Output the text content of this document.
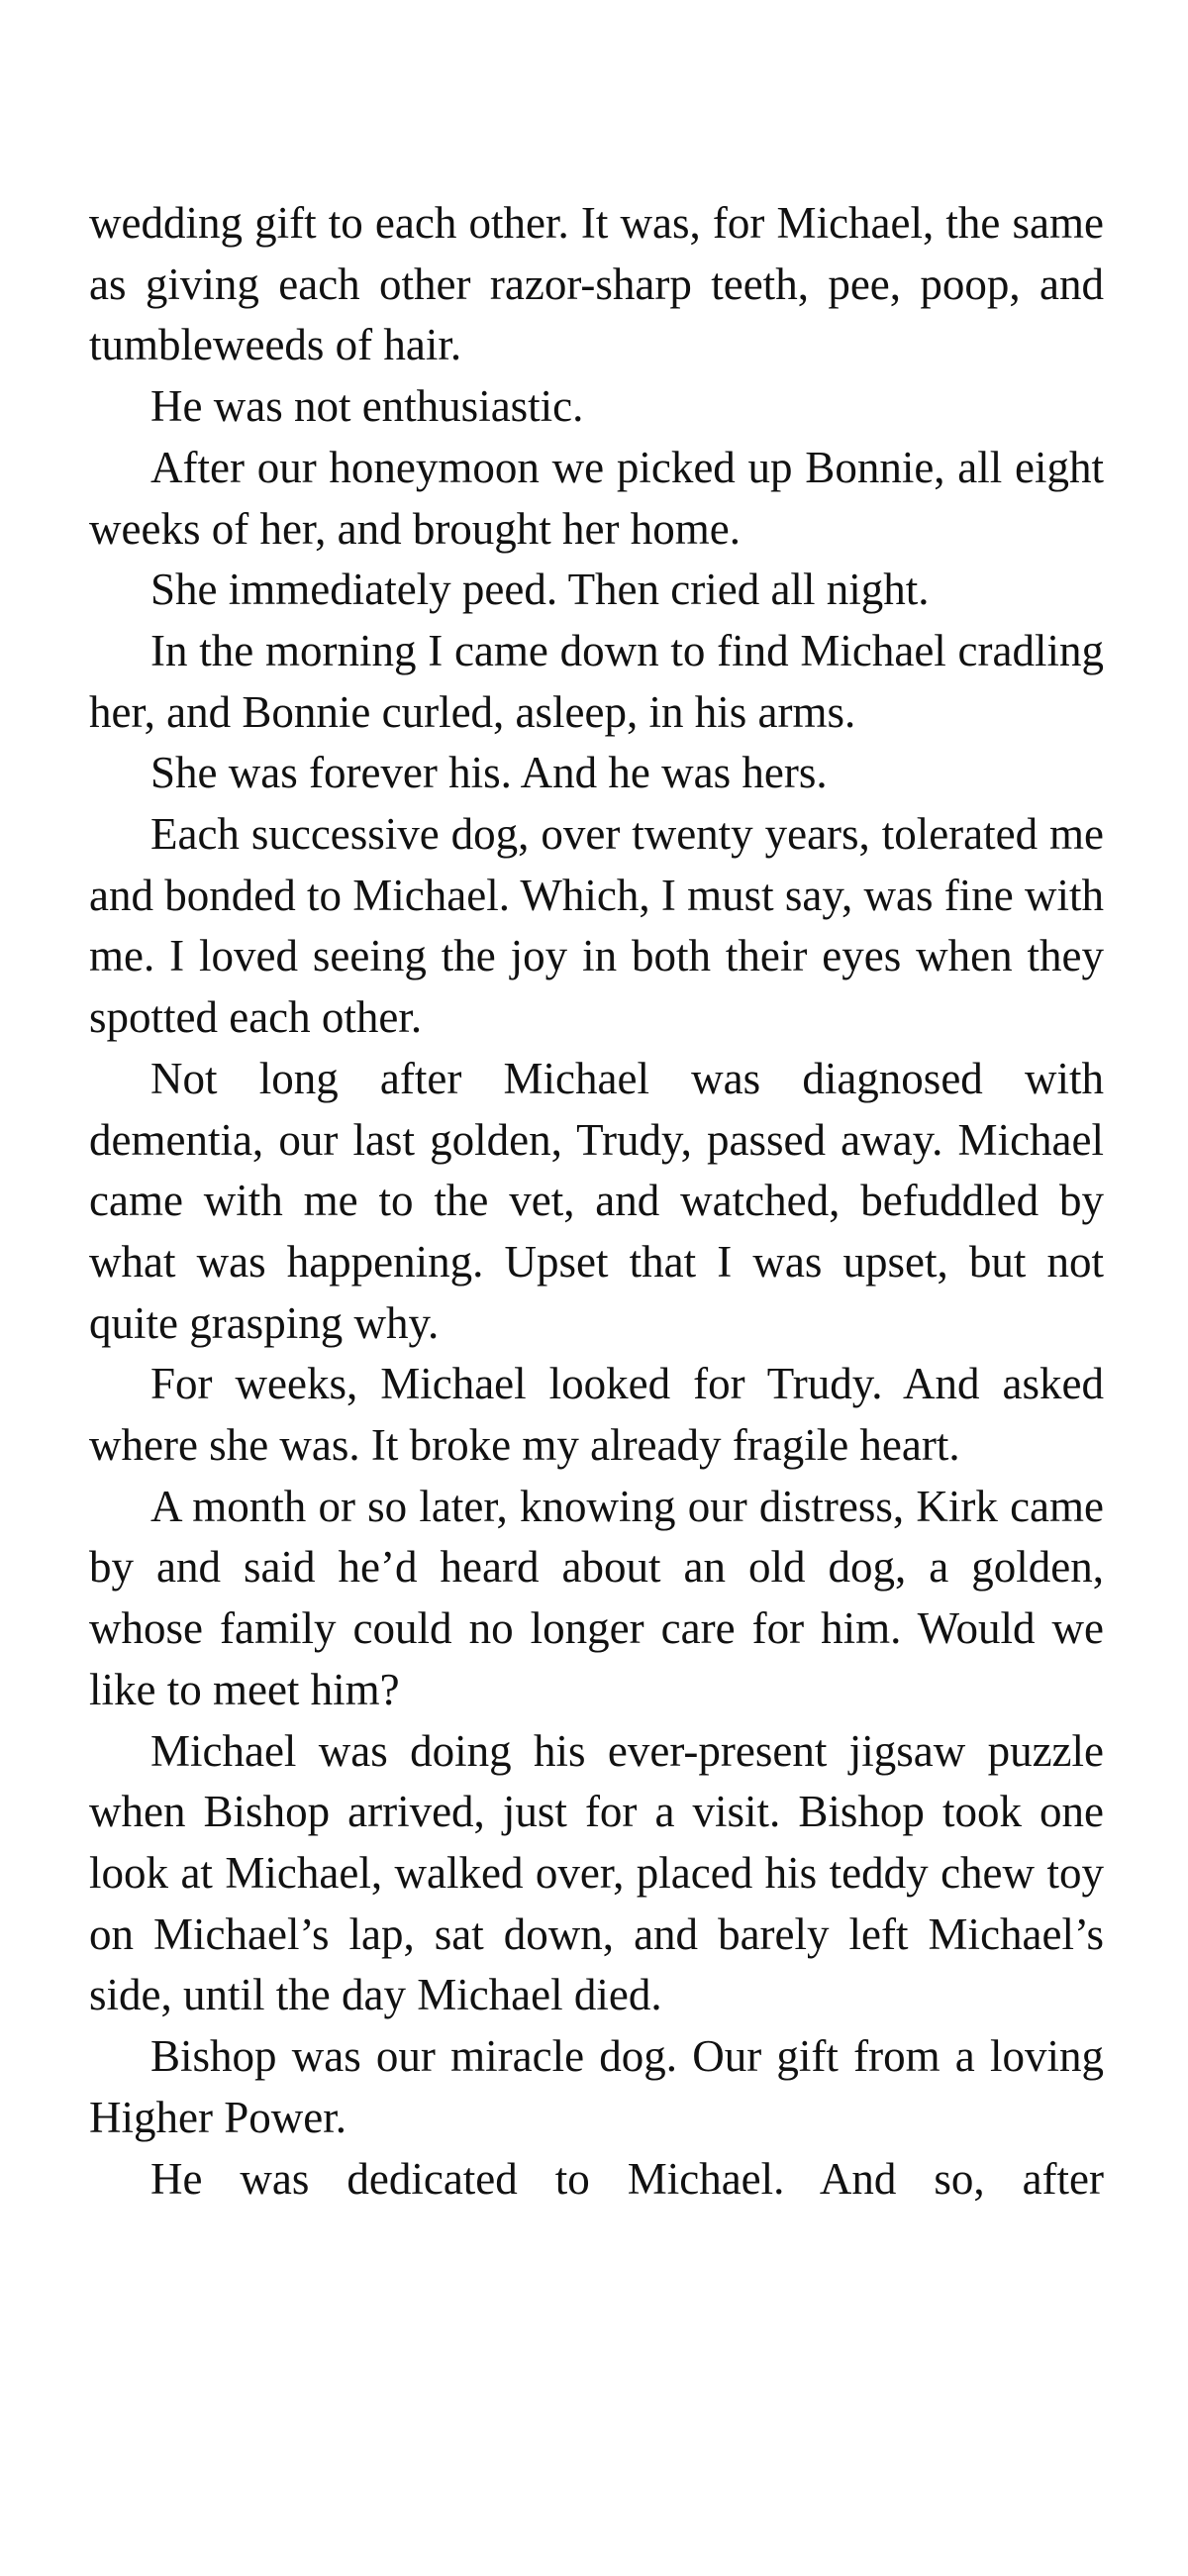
wedding gift to each other. It was, for Michael, the same as giving each other razor-sharp teeth, pee, poop, and tumbleweeds of hair.

He was not enthusiastic.

After our honeymoon we picked up Bonnie, all eight weeks of her, and brought her home.

She immediately peed. Then cried all night.

In the morning I came down to find Michael cradling her, and Bonnie curled, asleep, in his arms.

She was forever his. And he was hers.

Each successive dog, over twenty years, tolerated me and bonded to Michael. Which, I must say, was fine with me. I loved seeing the joy in both their eyes when they spotted each other.

Not long after Michael was diagnosed with dementia, our last golden, Trudy, passed away. Michael came with me to the vet, and watched, befuddled by what was happening. Upset that I was upset, but not quite grasping why.

For weeks, Michael looked for Trudy. And asked where she was. It broke my already fragile heart.

A month or so later, knowing our distress, Kirk came by and said he’d heard about an old dog, a golden, whose family could no longer care for him. Would we like to meet him?

Michael was doing his ever-present jigsaw puzzle when Bishop arrived, just for a visit. Bishop took one look at Michael, walked over, placed his teddy chew toy on Michael’s lap, sat down, and barely left Michael’s side, until the day Michael died.

Bishop was our miracle dog. Our gift from a loving Higher Power.

He was dedicated to Michael. And so, after
